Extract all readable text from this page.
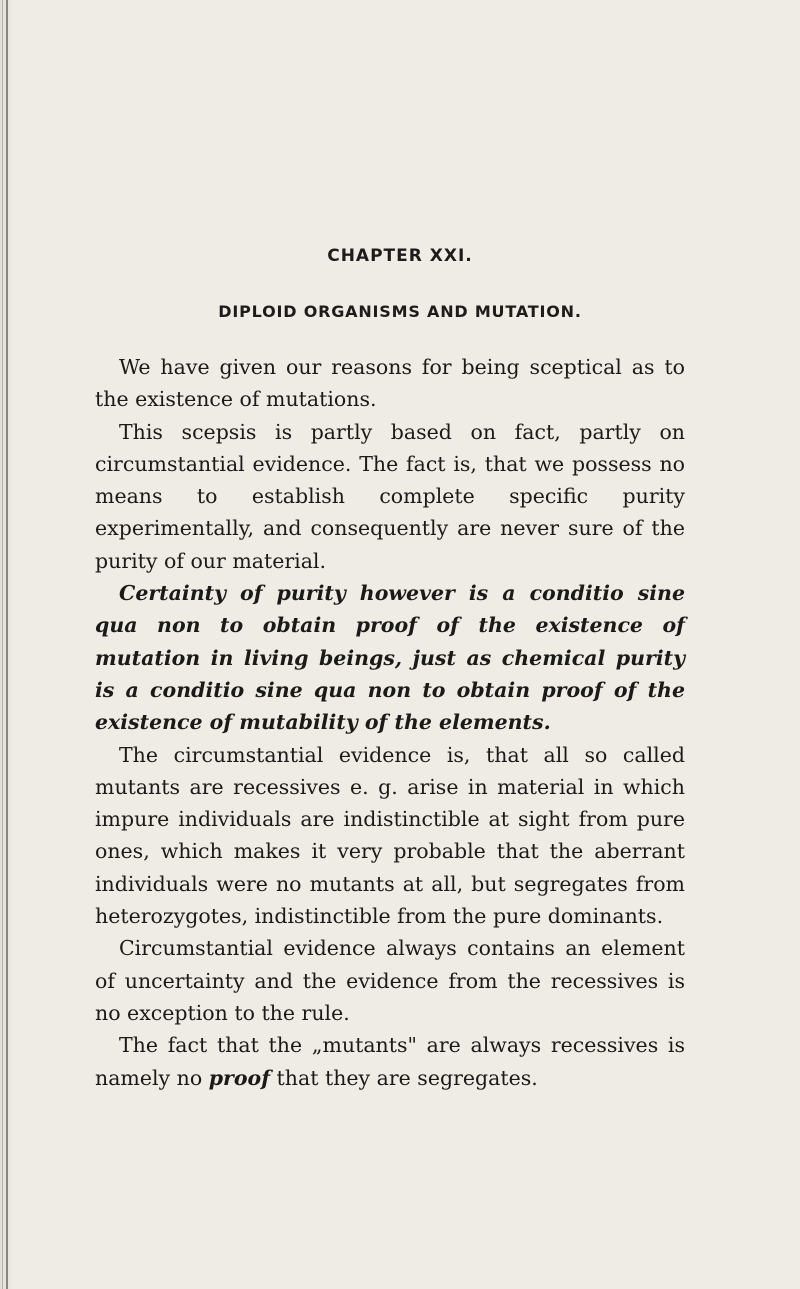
CHAPTER XXI.
DIPLOID ORGANISMS AND MUTATION.

We have given our reasons for being sceptical as to the existence of mutations.

This scepsis is partly based on fact, partly on circumstantial evidence. The fact is, that we possess no means to establish complete specific purity experimentally, and consequently are never sure of the purity of our material.

Certainty of purity however is a conditio sine qua non to obtain proof of the existence of mutation in living beings, just as chemical purity is a conditio sine qua non to obtain proof of the existence of mutability of the elements.

The circumstantial evidence is, that all so called mutants are recessives e. g. arise in material in which impure individuals are indistinctible at sight from pure ones, which makes it very probable that the aberrant individuals were no mutants at all, but segregates from heterozygotes, indistinctible from the pure dominants.

Circumstantial evidence always contains an element of uncertainty and the evidence from the recessives is no exception to the rule.

The fact that the „mutants" are always recessives is namely no proof that they are segregates.
